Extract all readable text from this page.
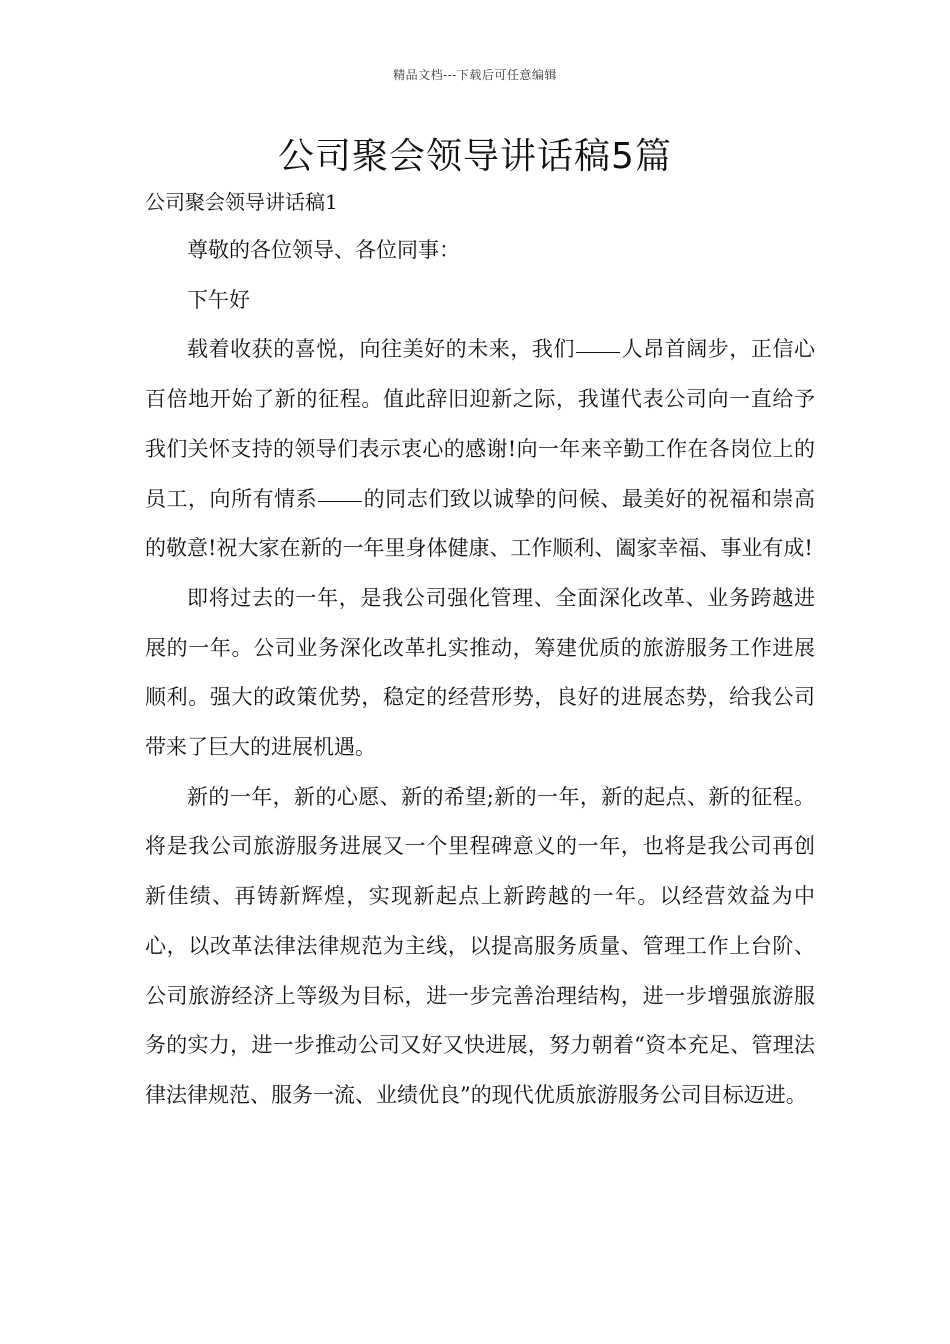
精品文档---下载后可任意编辑
公司聚会领导讲话稿5篇
公司聚会领导讲话稿1

尊敬的各位领导、各位同事：

下午好

载着收获的喜悦，向往美好的未来，我们 人昂首阔步，正信心百倍地开始了新的征程。值此辞旧迎新之际，我谨代表公司向一直给予我们关怀支持的领导们表示衷心的感谢!向一年来辛勤工作在各岗位上的员工，向所有情系 的同志们致以诚挚的问候、最美好的祝福和崇高的敬意!祝大家在新的一年里身体健康、工作顺利、阖家幸福、事业有成!

即将过去的一年，是我公司强化管理、全面深化改革、业务跨越进展的一年。公司业务深化改革扎实推动，筹建优质的旅游服务工作进展顺利。强大的政策优势，稳定的经营形势，良好的进展态势，给我公司带来了巨大的进展机遇。

新的一年，新的心愿、新的希望;新的一年，新的起点、新的征程。将是我公司旅游服务进展又一个里程碑意义的一年，也将是我公司再创新佳绩、再铸新辉煌，实现新起点上新跨越的一年。以经营效益为中心，以改革法律法律规范为主线，以提高服务质量、管理工作上台阶、公司旅游经济上等级为目标，进一步完善治理结构，进一步增强旅游服务的实力，进一步推动公司又好又快进展，努力朝着“资本充足、管理法律法律规范、服务一流、业绩优良”的现代优质旅游服务公司目标迈进。
